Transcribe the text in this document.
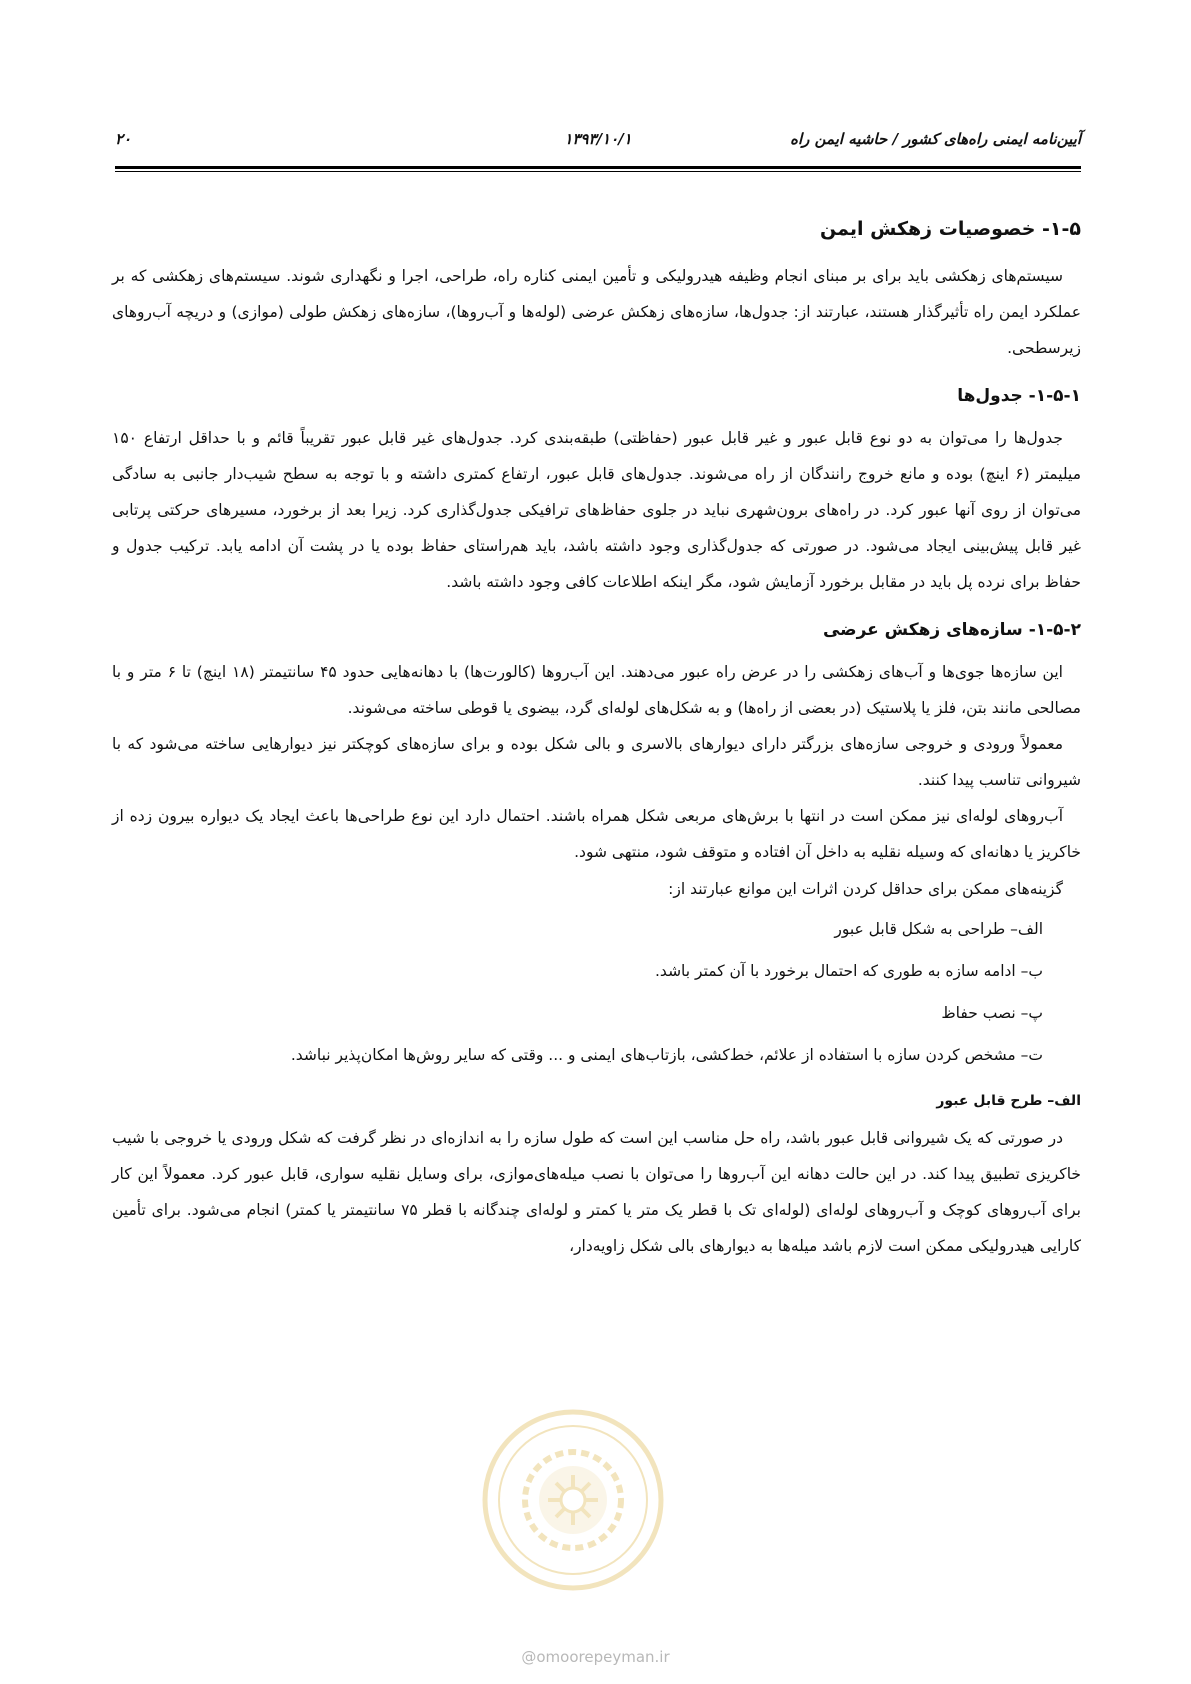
آیین‌نامه ایمنی راه‌های کشور / حاشیه ایمن راه
۱۳۹۳/۱۰/۱
۲۰
۱-۵- خصوصیات زهکش ایمن

سیستم‌های زهکشی باید برای بر مبنای انجام وظیفه هیدرولیکی و تأمین ایمنی کناره راه، طراحی، اجرا و نگهداری شوند. سیستم‌های زهکشی که بر عملکرد ایمن راه تأثیرگذار هستند، عبارتند از: جدول‌ها، سازه‌های زهکش عرضی (لوله‌ها و آب‌روها)، سازه‌های زهکش طولی (موازی) و دریچه آب‌روهای زیرسطحی.

۱-۵-۱- جدول‌ها

جدول‌ها را می‌توان به دو نوع قابل عبور و غیر قابل عبور (حفاظتی) طبقه‌بندی کرد. جدول‌های غیر قابل عبور تقریباً قائم و با حداقل ارتفاع ۱۵۰ میلیمتر (۶ اینچ) بوده و مانع خروج رانندگان از راه می‌شوند. جدول‌های قابل عبور، ارتفاع کمتری داشته و با توجه به سطح شیب‌دار جانبی به سادگی می‌توان از روی آنها عبور کرد. در راه‌های برون‌شهری نباید در جلوی حفاظ‌های ترافیکی جدول‌گذاری کرد. زیرا بعد از برخورد، مسیرهای حرکتی پرتابی غیر قابل پیش‌بینی ایجاد می‌شود. در صورتی که جدول‌گذاری وجود داشته باشد، باید هم‌راستای حفاظ بوده یا در پشت آن ادامه یابد. ترکیب جدول و حفاظ برای نرده پل باید در مقابل برخورد آزمایش شود، مگر اینکه اطلاعات کافی وجود داشته باشد.

۱-۵-۲- سازه‌های زهکش عرضی

این سازه‌ها جوی‌ها و آب‌های زهکشی را در عرض راه عبور می‌دهند. این آب‌روها (کالورت‌ها) با دهانه‌هایی حدود ۴۵ سانتیمتر (۱۸ اینچ) تا ۶ متر و با مصالحی مانند بتن، فلز یا پلاستیک (در بعضی از راه‌ها) و به شکل‌های لوله‌ای گرد، بیضوی یا قوطی ساخته می‌شوند.

معمولاً ورودی و خروجی سازه‌های بزرگتر دارای دیوارهای بالاسری و بالی شکل بوده و برای سازه‌های کوچکتر نیز دیوارهایی ساخته می‌شود که با شیروانی تناسب پیدا کنند.

آب‌روهای لوله‌ای نیز ممکن است در انتها با برش‌های مربعی شکل همراه باشند. احتمال دارد این نوع طراحی‌ها باعث ایجاد یک دیواره بیرون زده از خاکریز یا دهانه‌ای که وسیله نقلیه به داخل آن افتاده و متوقف شود، منتهی شود.

گزینه‌های ممکن برای حداقل کردن اثرات این موانع عبارتند از:
الف– طراحی به شکل قابل عبور
ب– ادامه سازه به طوری که احتمال برخورد با آن کمتر باشد.
پ– نصب حفاظ
ت– مشخص کردن سازه با استفاده از علائم، خط‌کشی، بازتاب‌های ایمنی و ... وقتی که سایر روش‌ها امکان‌پذیر نباشد.
الف– طرح قابل عبور

در صورتی که یک شیروانی قابل عبور باشد، راه حل مناسب این است که طول سازه را به اندازه‌ای در نظر گرفت که شکل ورودی یا خروجی با شیب خاکریزی تطبیق پیدا کند. در این حالت دهانه این آب‌روها را می‌توان با نصب میله‌های‌موازی، برای وسایل نقلیه سواری، قابل عبور کرد. معمولاً این کار برای آب‌روهای کوچک و آب‌روهای لوله‌ای (لوله‌ای تک با قطر یک متر یا کمتر و لوله‌ای چندگانه با قطر ۷۵ سانتیمتر یا کمتر) انجام می‌شود. برای تأمین کارایی هیدرولیکی ممکن است لازم باشد میله‌ها به دیوارهای بالی شکل زاویه‌دار،

@omoorepeyman.ir
